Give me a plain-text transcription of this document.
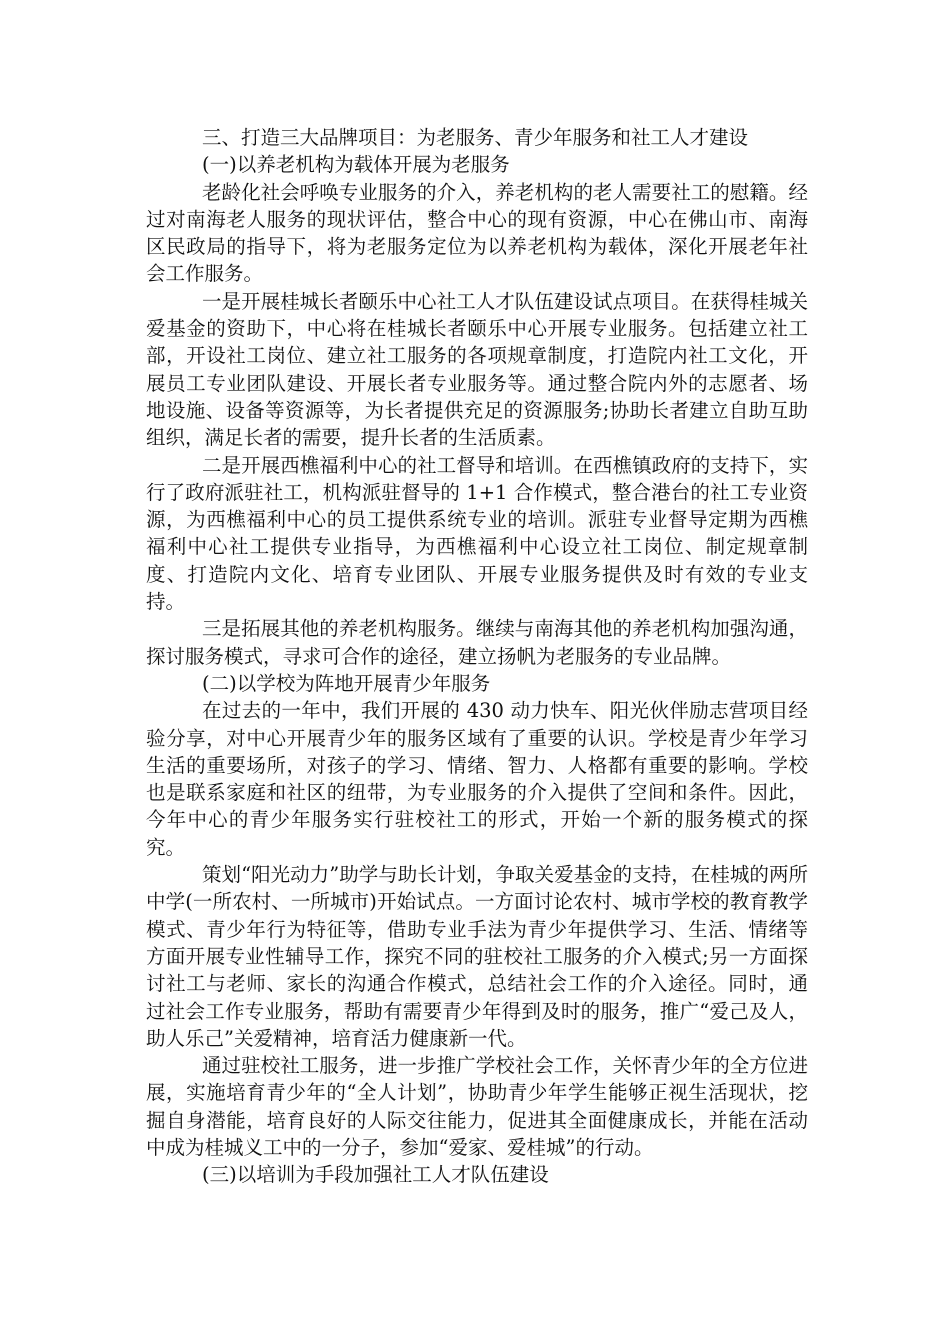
三、打造三大品牌项目：为老服务、青少年服务和社工人才建设

(一)以养老机构为载体开展为老服务

老龄化社会呼唤专业服务的介入，养老机构的老人需要社工的慰籍。经过对南海老人服务的现状评估，整合中心的现有资源，中心在佛山市、南海区民政局的指导下，将为老服务定位为以养老机构为载体，深化开展老年社会工作服务。

一是开展桂城长者颐乐中心社工人才队伍建设试点项目。在获得桂城关爱基金的资助下，中心将在桂城长者颐乐中心开展专业服务。包括建立社工部，开设社工岗位、建立社工服务的各项规章制度，打造院内社工文化，开展员工专业团队建设、开展长者专业服务等。通过整合院内外的志愿者、场地设施、设备等资源等，为长者提供充足的资源服务;协助长者建立自助互助组织，满足长者的需要，提升长者的生活质素。

二是开展西樵福利中心的社工督导和培训。在西樵镇政府的支持下，实行了政府派驻社工，机构派驻督导的 1+1 合作模式，整合港台的社工专业资源，为西樵福利中心的员工提供系统专业的培训。派驻专业督导定期为西樵福利中心社工提供专业指导，为西樵福利中心设立社工岗位、制定规章制度、打造院内文化、培育专业团队、开展专业服务提供及时有效的专业支持。

三是拓展其他的养老机构服务。继续与南海其他的养老机构加强沟通，探讨服务模式，寻求可合作的途径，建立扬帆为老服务的专业品牌。

(二)以学校为阵地开展青少年服务

在过去的一年中，我们开展的 430 动力快车、阳光伙伴励志营项目经验分享，对中心开展青少年的服务区域有了重要的认识。学校是青少年学习生活的重要场所，对孩子的学习、情绪、智力、人格都有重要的影响。学校也是联系家庭和社区的纽带，为专业服务的介入提供了空间和条件。因此，今年中心的青少年服务实行驻校社工的形式，开始一个新的服务模式的探究。

策划“阳光动力”助学与助长计划，争取关爱基金的支持，在桂城的两所中学(一所农村、一所城市)开始试点。一方面讨论农村、城市学校的教育教学模式、青少年行为特征等，借助专业手法为青少年提供学习、生活、情绪等方面开展专业性辅导工作，探究不同的驻校社工服务的介入模式;另一方面探讨社工与老师、家长的沟通合作模式，总结社会工作的介入途径。同时，通过社会工作专业服务，帮助有需要青少年得到及时的服务，推广“爱己及人，助人乐己”关爱精神，培育活力健康新一代。

通过驻校社工服务，进一步推广学校社会工作，关怀青少年的全方位进展，实施培育青少年的“全人计划”，协助青少年学生能够正视生活现状，挖掘自身潜能，培育良好的人际交往能力，促进其全面健康成长，并能在活动中成为桂城义工中的一分子，参加“爱家、爱桂城”的行动。

(三)以培训为手段加强社工人才队伍建设
